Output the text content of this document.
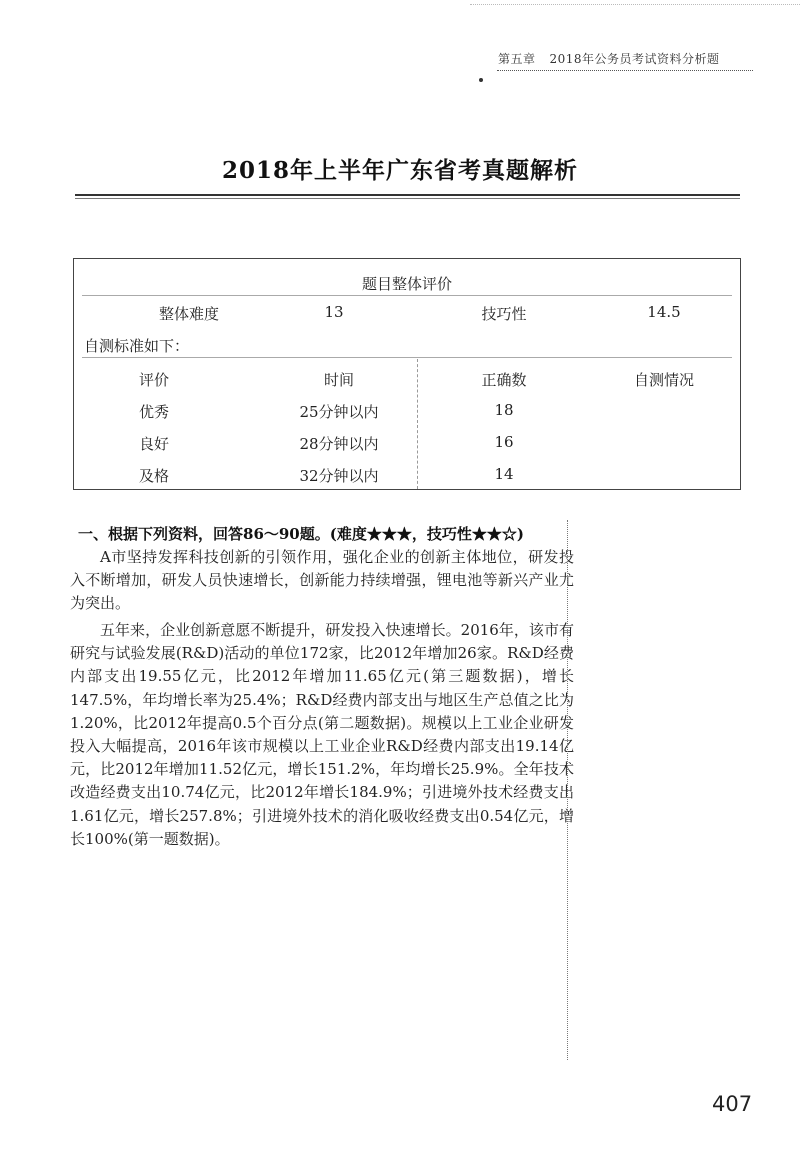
第五章 2018年公务员考试资料分析题
2018年上半年广东省考真题解析
题目整体评价
整体难度	13	技巧性	14.5
自测标准如下：
评价	时间	正确数	自测情况
优秀	25分钟以内	18
良好	28分钟以内	16
及格	32分钟以内	14
一、根据下列资料，回答86～90题。(难度★★★，技巧性★★☆)

A市坚持发挥科技创新的引领作用，强化企业的创新主体地位，研发投入不断增加，研发人员快速增长，创新能力持续增强，锂电池等新兴产业尤为突出。

五年来，企业创新意愿不断提升，研发投入快速增长。2016年，该市有研究与试验发展(R&D)活动的单位172家，比2012年增加26家。R&D经费内部支出19.55亿元，比2012年增加11.65亿元(第三题数据)，增长147.5%，年均增长率为25.4%；R&D经费内部支出与地区生产总值之比为1.20%，比2012年提高0.5个百分点(第二题数据)。规模以上工业企业研发投入大幅提高，2016年该市规模以上工业企业R&D经费内部支出19.14亿元，比2012年增加11.52亿元，增长151.2%，年均增长25.9%。全年技术改造经费支出10.74亿元，比2012年增长184.9%；引进境外技术经费支出1.61亿元，增长257.8%；引进境外技术的消化吸收经费支出0.54亿元，增长100%(第一题数据)。

407
